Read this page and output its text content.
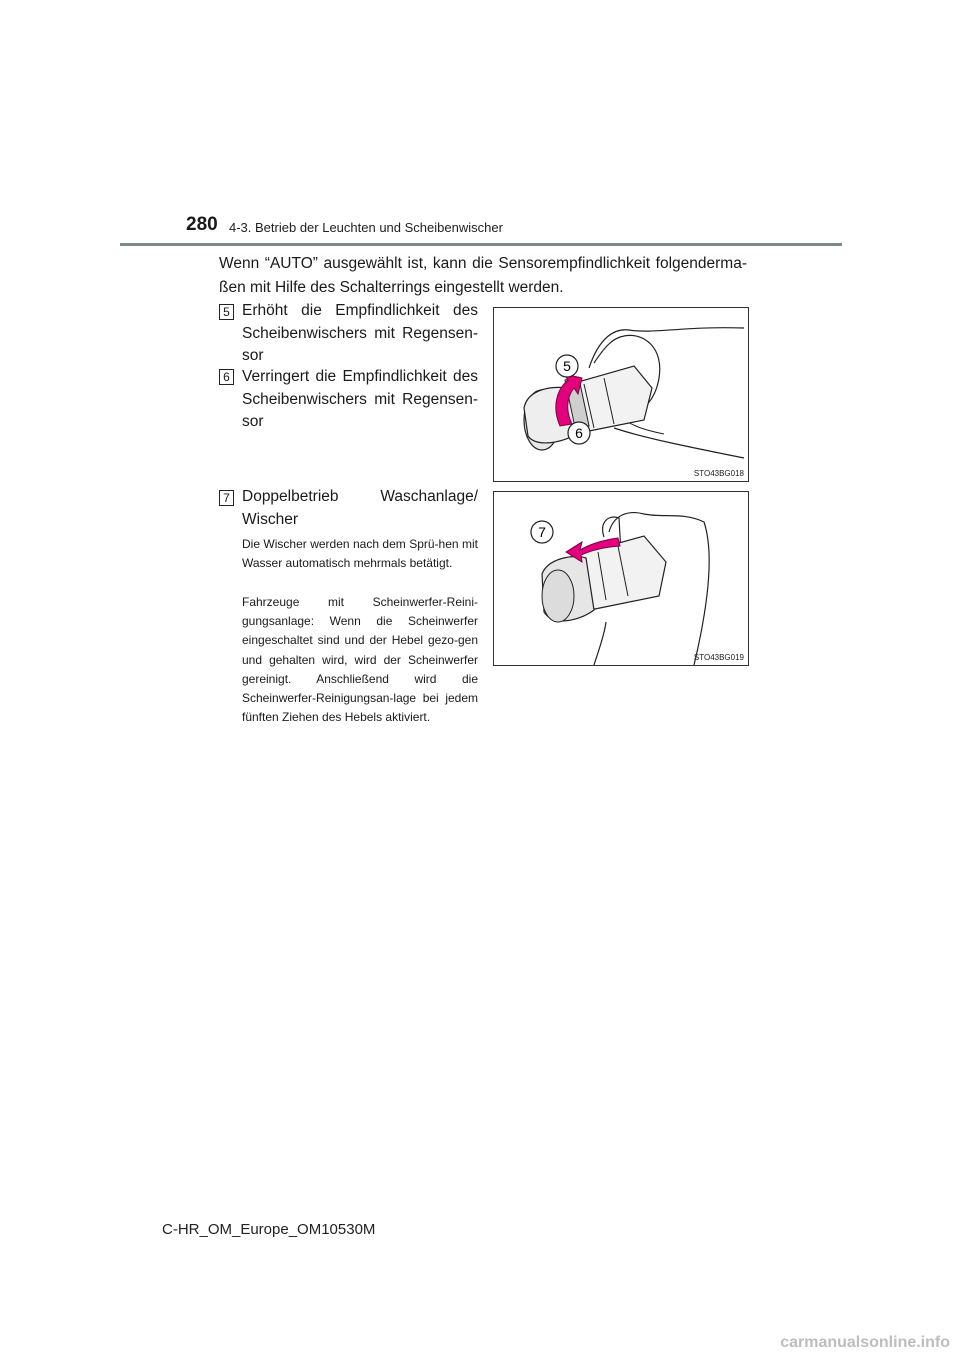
280 4-3. Betrieb der Leuchten und Scheibenwischer
Wenn “AUTO” ausgewählt ist, kann die Sensorempfindlichkeit folgenderma-ßen mit Hilfe des Schalterrings eingestellt werden.
5 Erhöht die Empfindlichkeit des Scheibenwischers mit Regensen-sor
6 Verringert die Empfindlichkeit des Scheibenwischers mit Regensen-sor
7 Doppelbetrieb Waschanlage/ Wischer
Die Wischer werden nach dem Sprü-hen mit Wasser automatisch mehrmals betätigt.
Fahrzeuge mit Scheinwerfer-Reini-gungsanlage: Wenn die Scheinwerfer eingeschaltet sind und der Hebel gezo-gen und gehalten wird, wird der Scheinwerfer gereinigt. Anschließend wird die Scheinwerfer-Reinigungsan-lage bei jedem fünften Ziehen des Hebels aktiviert.
5
6
STO43BG018
7
STO43BG019
C-HR_OM_Europe_OM10530M
carmanualsonline.info
